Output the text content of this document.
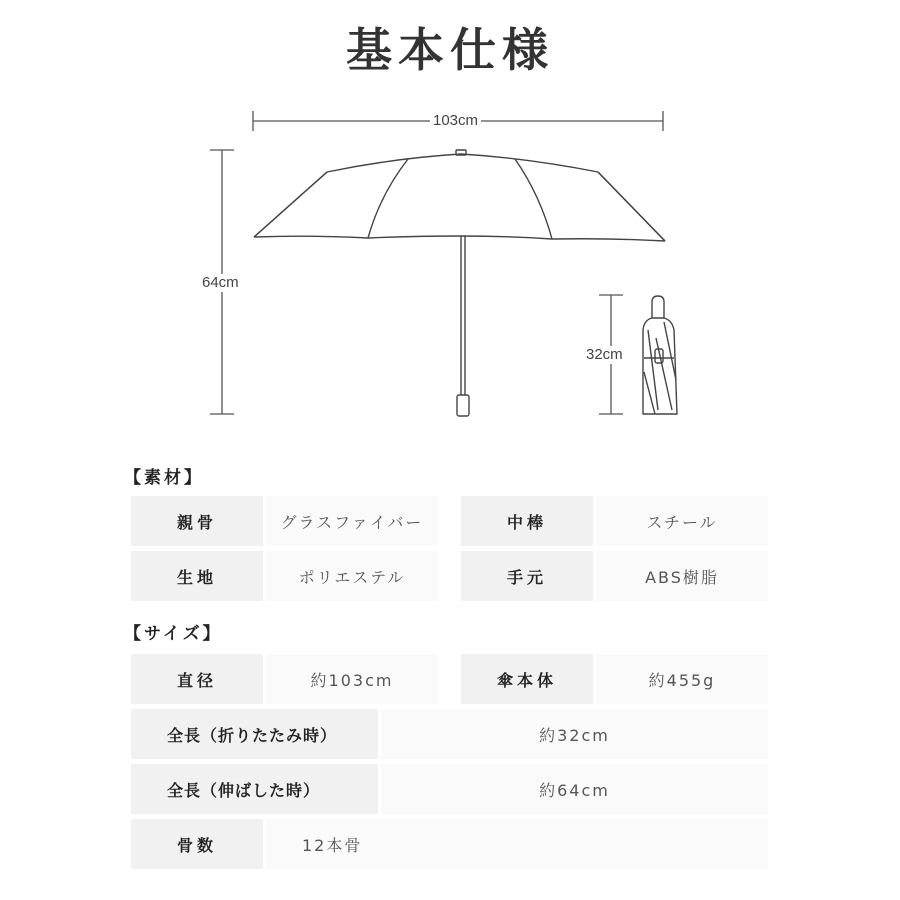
基本仕様
103cm
64cm
32cm
【素材】
親骨	グラスファイバー	中棒	スチール
生地	ポリエステル	手元	ABS樹脂
【サイズ】
直径	約103cm	傘本体	約455g
全長（折りたたみ時）	約32cm
全長（伸ばした時）	約64cm
骨数	12本骨
